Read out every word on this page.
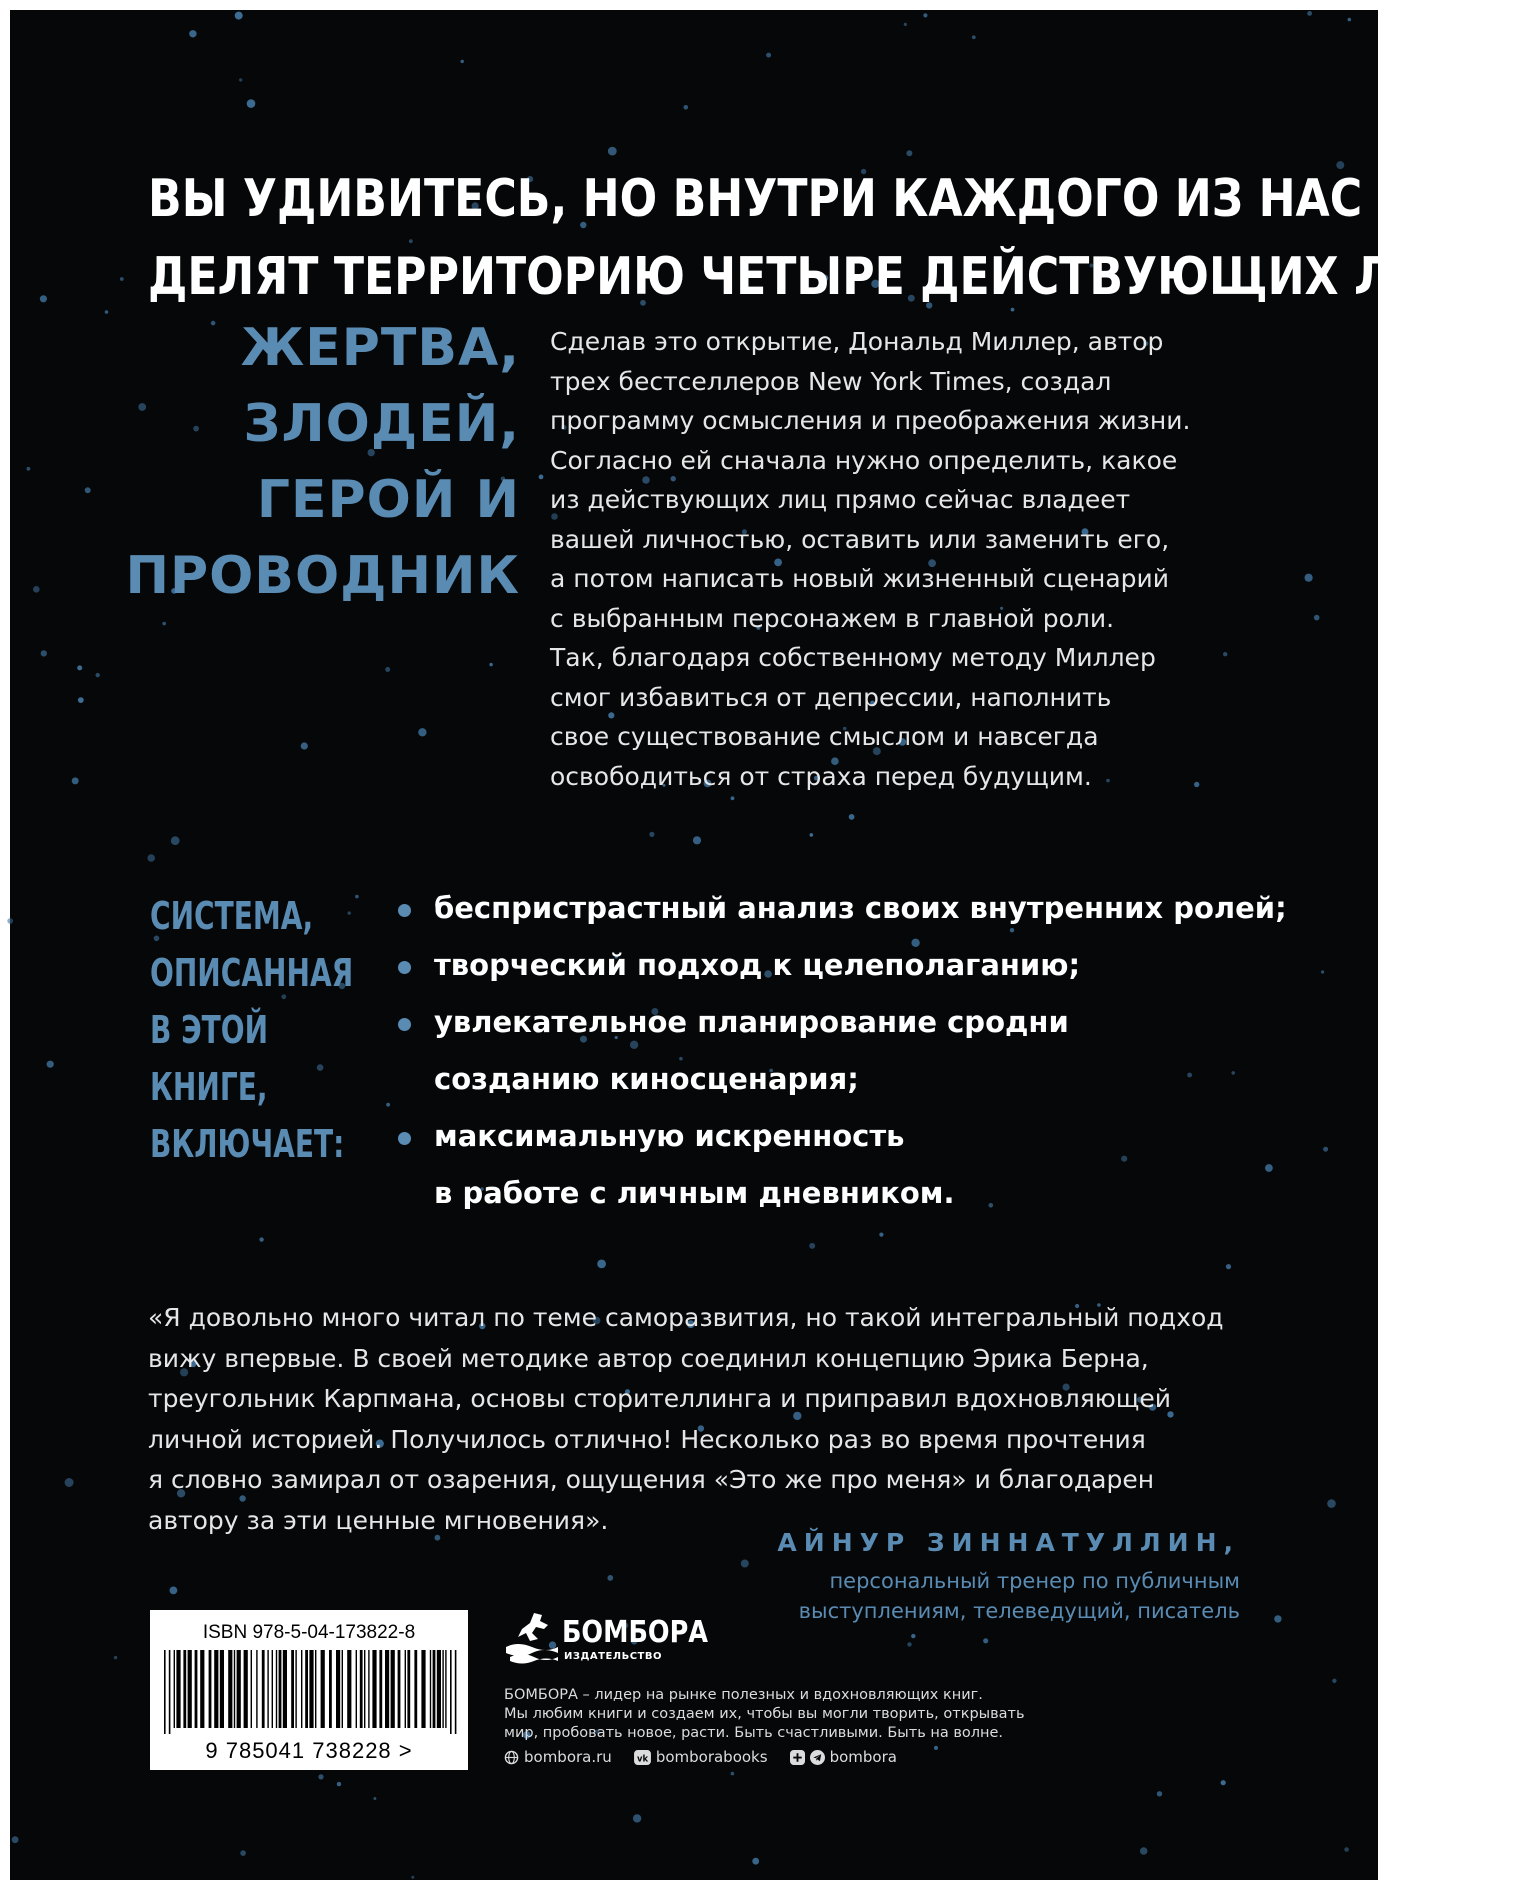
ВЫ УДИВИТЕСЬ, НО ВНУТРИ КАЖДОГО ИЗ НАС
ДЕЛЯТ ТЕРРИТОРИЮ ЧЕТЫРЕ ДЕЙСТВУЮЩИХ ЛИЦА:
ЖЕРТВА,
ЗЛОДЕЙ,
ГЕРОЙ И
ПРОВОДНИК
Сделав это открытие, Дональд Миллер, автор
трех бестселлеров New York Times, создал
программу осмысления и преображения жизни.
Согласно ей сначала нужно определить, какое
из действующих лиц прямо сейчас владеет
вашей личностью, оставить или заменить его,
а потом написать новый жизненный сценарий
с выбранным персонажем в главной роли.
Так, благодаря собственному методу Миллер
смог избавиться от депрессии, наполнить
свое существование смыслом и навсегда
освободиться от страха перед будущим.
СИСТЕМА,
ОПИСАННАЯ
В ЭТОЙ
КНИГЕ,
ВКЛЮЧАЕТ:
беспристрастный анализ своих внутренних ролей;
творческий подход к целеполаганию;
увлекательное планирование сродни
созданию киносценария;
максимальную искренность
в работе с личным дневником.
«Я довольно много читал по теме саморазвития, но такой интегральный подход
вижу впервые. В своей методике автор соединил концепцию Эрика Берна,
треугольник Карпмана, основы сторителлинга и приправил вдохновляющей
личной историей. Получилось отлично! Несколько раз во время прочтения
я словно замирал от озарения, ощущения «Это же про меня» и благодарен
автору за эти ценные мгновения».
АЙНУР ЗИННАТУЛЛИН,
персональный тренер по публичным
выступлениям, телеведущий, писатель
ISBN 978-5-04-173822-8
9 785041 738228 >
БОМБОРА
ИЗДАТЕЛЬСТВО
БОМБОРА – лидер на рынке полезных и вдохновляющих книг.
Мы любим книги и создаем их, чтобы вы могли творить, открывать
мир, пробовать новое, расти. Быть счастливыми. Быть на волне.
bombora.ru	vk bomborabooks	bombora
